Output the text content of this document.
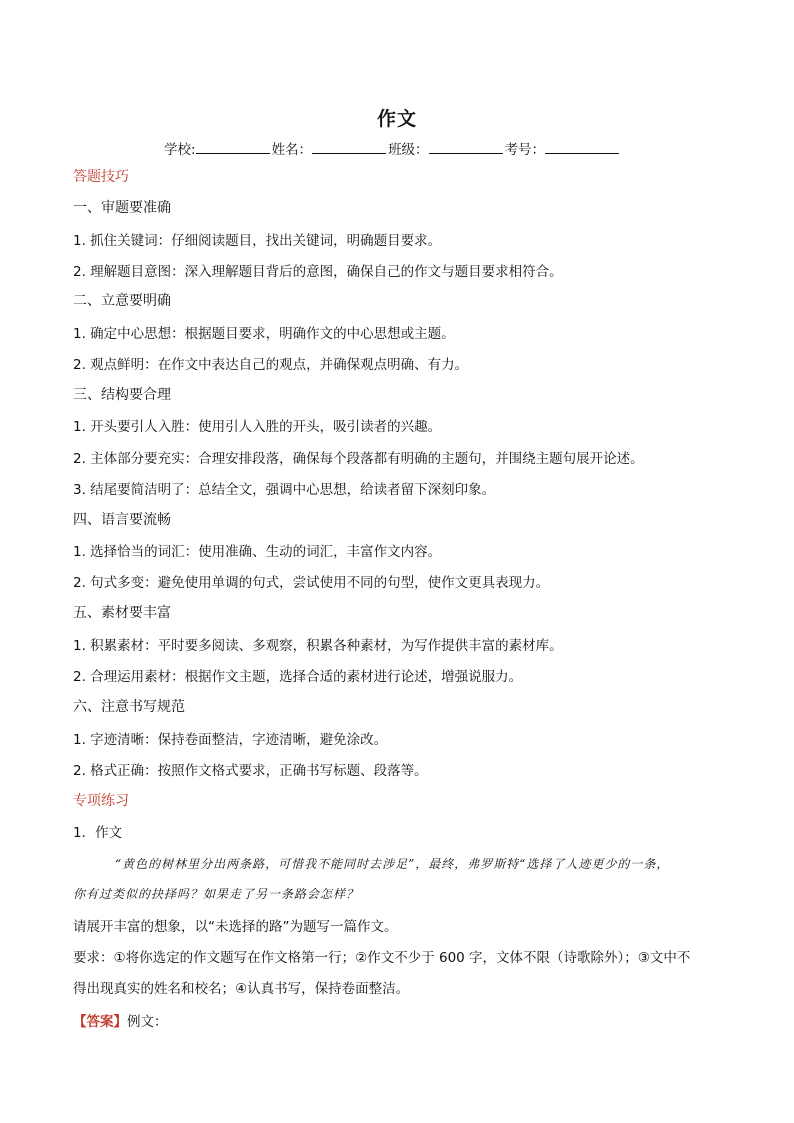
作文
学校:	姓名：	班级：	考号：
答题技巧
一、审题要准确
1. 抓住关键词：仔细阅读题目，找出关键词，明确题目要求。
2. 理解题目意图：深入理解题目背后的意图，确保自己的作文与题目要求相符合。
二、立意要明确
1. 确定中心思想：根据题目要求，明确作文的中心思想或主题。
2. 观点鲜明：在作文中表达自己的观点，并确保观点明确、有力。
三、结构要合理
1. 开头要引人入胜：使用引人入胜的开头，吸引读者的兴趣。
2. 主体部分要充实：合理安排段落，确保每个段落都有明确的主题句，并围绕主题句展开论述。
3. 结尾要简洁明了：总结全文，强调中心思想，给读者留下深刻印象。
四、语言要流畅
1. 选择恰当的词汇：使用准确、生动的词汇，丰富作文内容。
2. 句式多变：避免使用单调的句式，尝试使用不同的句型，使作文更具表现力。
五、素材要丰富
1. 积累素材：平时要多阅读、多观察，积累各种素材，为写作提供丰富的素材库。
2. 合理运用素材：根据作文主题，选择合适的素材进行论述，增强说服力。
六、注意书写规范
1. 字迹清晰：保持卷面整洁，字迹清晰，避免涂改。
2. 格式正确：按照作文格式要求，正确书写标题、段落等。
专项练习
1．作文
“黄色的树林里分出两条路，可惜我不能同时去涉足”，最终，弗罗斯特“选择了人迹更少的一条，
你有过类似的抉择吗？如果走了另一条路会怎样？
请展开丰富的想象，以“未选择的路”为题写一篇作文。
要求：①将你选定的作文题写在作文格第一行；②作文不少于 600 字，文体不限（诗歌除外）；③文中不
得出现真实的姓名和校名；④认真书写，保持卷面整洁。
【答案】例文：
